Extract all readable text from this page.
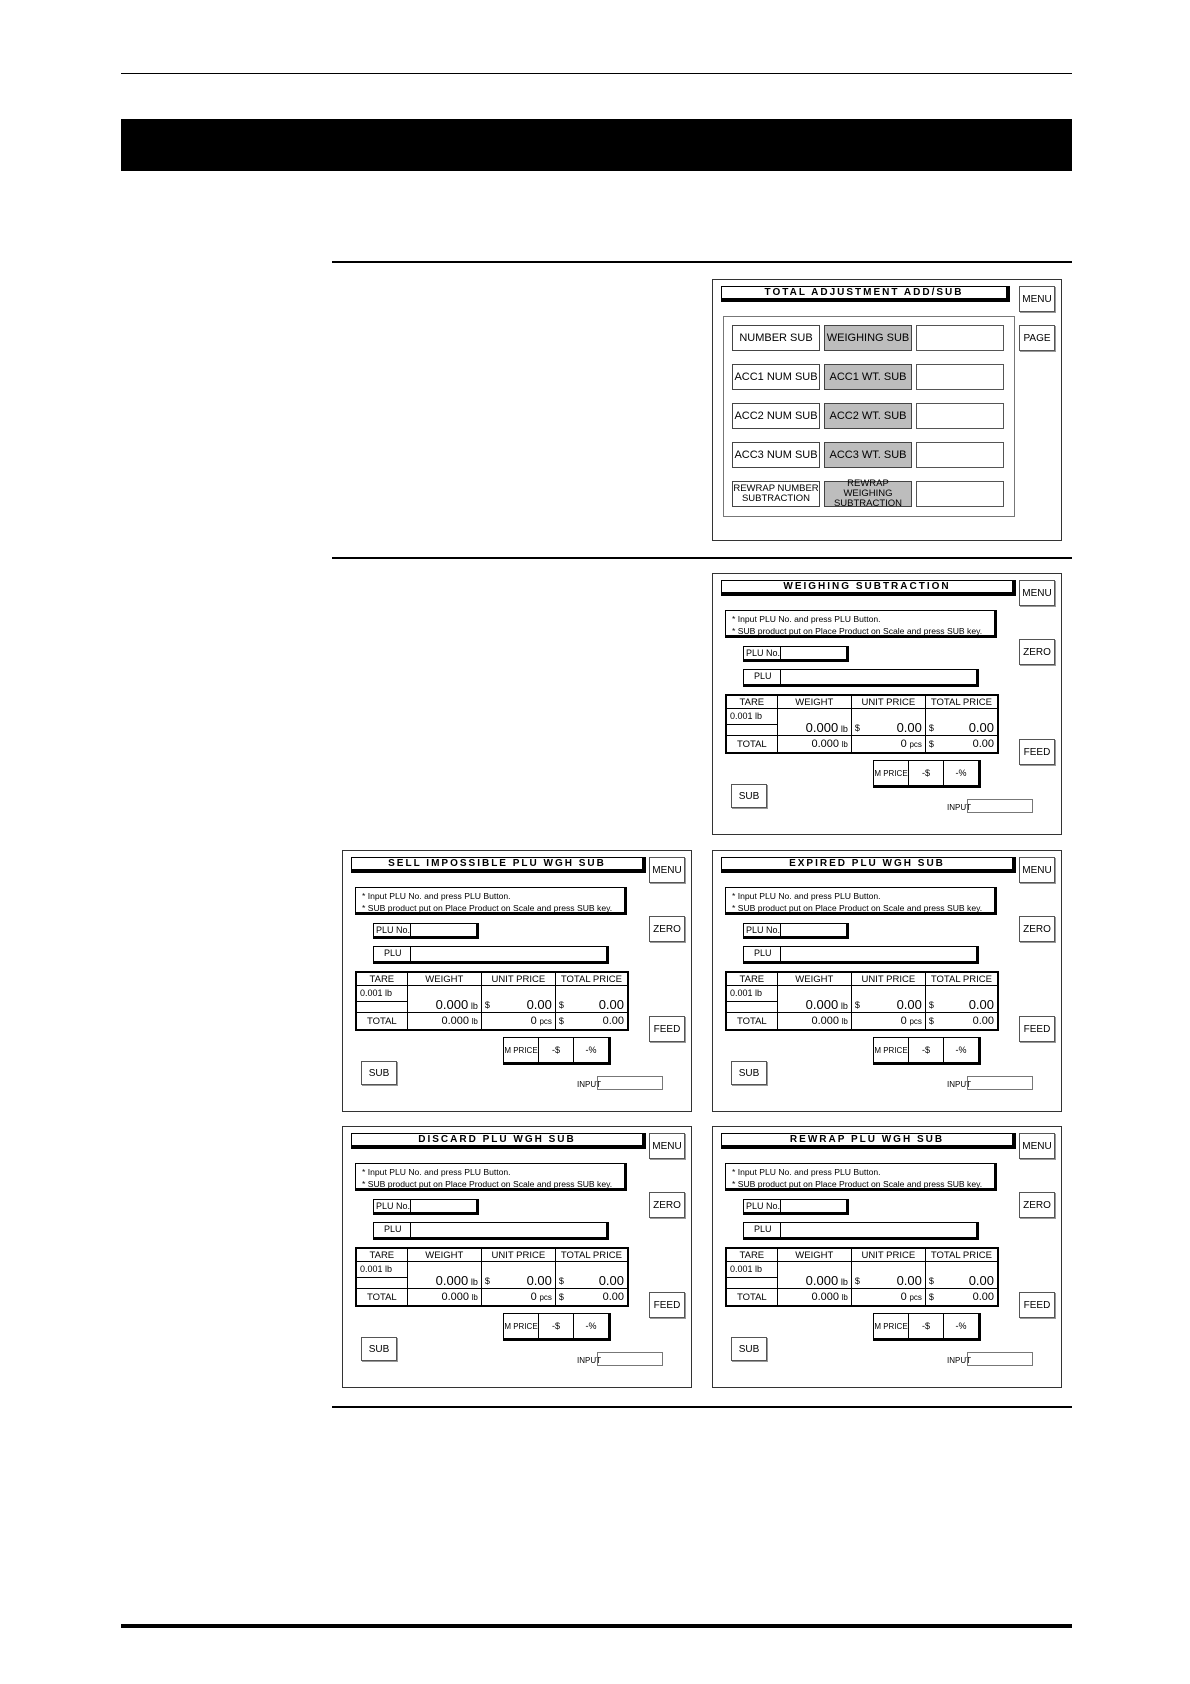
TOTAL ADJUSTMENT ADD/SUB
MENU
PAGE
NUMBER SUB	WEIGHING SUB
ACC1 NUM SUB	ACC1 WT. SUB
ACC2 NUM SUB	ACC2 WT. SUB
ACC3 NUM SUB	ACC3 WT. SUB
REWRAP NUMBER SUBTRACTION
REWRAP WEIGHING SUBTRACTION
WEIGHING SUBTRACTION
MENU
ZERO
FEED
* Input PLU No. and press PLU Button.
* SUB product put on Place Product on Scale and press SUB key.
PLU No.
PLU
TARE	WEIGHT	UNIT PRICE	TOTAL PRICE

0.001 lb	0.000 lb	$ 0.00	$ 0.00
TOTAL	0.000 lb	0 pcs	$ 0.00
M PRICE	-$	-%
SUB
INPUT
SELL IMPOSSIBLE PLU WGH SUB
MENU
ZERO
FEED
* Input PLU No. and press PLU Button.
* SUB product put on Place Product on Scale and press SUB key.
PLU No.
PLU
TARE	WEIGHT	UNIT PRICE	TOTAL PRICE

0.001 lb	0.000 lb	$ 0.00	$ 0.00
TOTAL	0.000 lb	0 pcs	$ 0.00
M PRICE	-$	-%
SUB
INPUT
EXPIRED PLU WGH SUB
MENU
ZERO
FEED
* Input PLU No. and press PLU Button.
* SUB product put on Place Product on Scale and press SUB key.
PLU No.
PLU
TARE	WEIGHT	UNIT PRICE	TOTAL PRICE

0.001 lb	0.000 lb	$ 0.00	$ 0.00
TOTAL	0.000 lb	0 pcs	$ 0.00
M PRICE	-$	-%
SUB
INPUT
DISCARD PLU WGH SUB
MENU
ZERO
FEED
* Input PLU No. and press PLU Button.
* SUB product put on Place Product on Scale and press SUB key.
PLU No.
PLU
TARE	WEIGHT	UNIT PRICE	TOTAL PRICE

0.001 lb	0.000 lb	$ 0.00	$ 0.00
TOTAL	0.000 lb	0 pcs	$ 0.00
M PRICE	-$	-%
SUB
INPUT
REWRAP PLU WGH SUB
MENU
ZERO
FEED
* Input PLU No. and press PLU Button.
* SUB product put on Place Product on Scale and press SUB key.
PLU No.
PLU
TARE	WEIGHT	UNIT PRICE	TOTAL PRICE

0.001 lb	0.000 lb	$ 0.00	$ 0.00
TOTAL	0.000 lb	0 pcs	$ 0.00
M PRICE	-$	-%
SUB
INPUT
